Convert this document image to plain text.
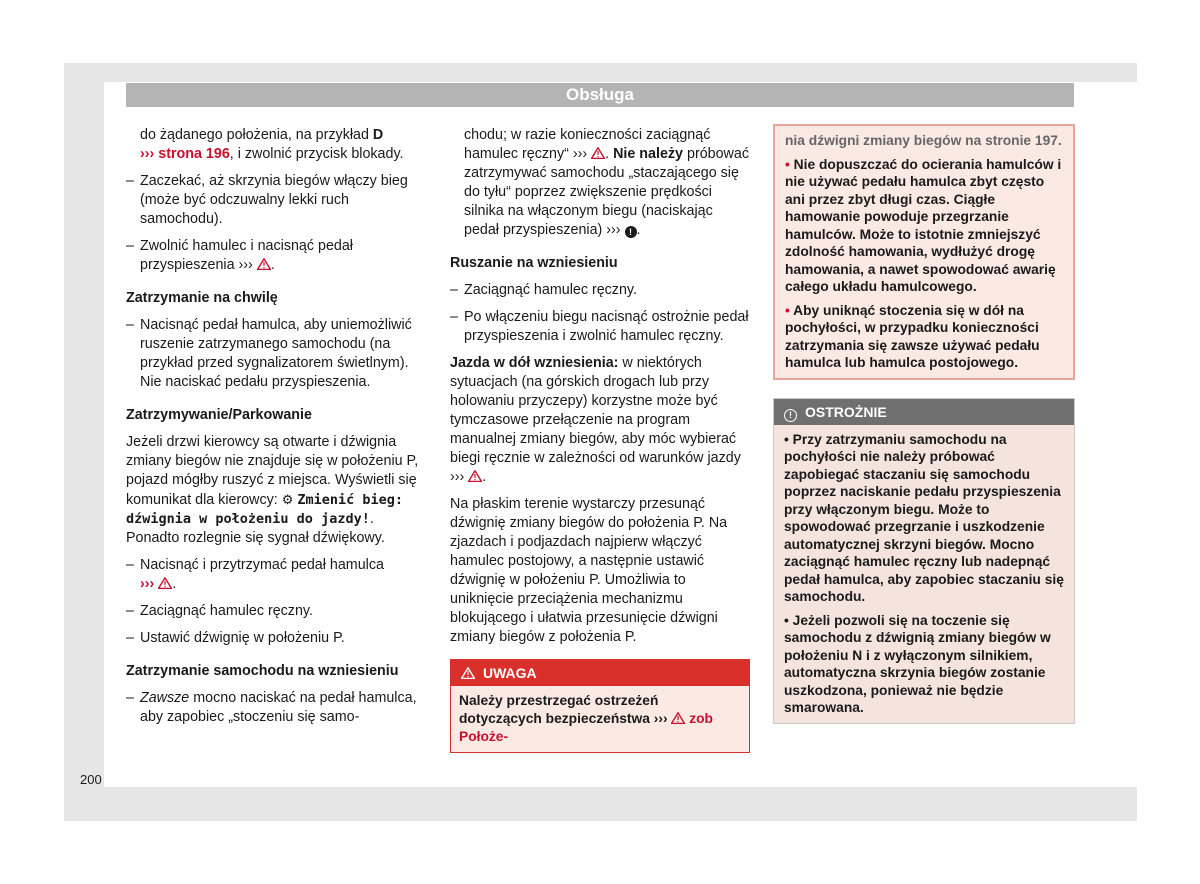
Obsługa
do żądanego położenia, na przykład D
››› strona 196, i zwolnić przycisk blokady.
– Zaczekać, aż skrzynia biegów włączy bieg (może być odczuwalny lekki ruch samochodu).
– Zwolnić hamulec i nacisnąć pedał przyspieszenia ››› .
Zatrzymanie na chwilę
– Nacisnąć pedał hamulca, aby uniemożliwić ruszenie zatrzymanego samochodu (na przykład przed sygnalizatorem świetlnym). Nie naciskać pedału przyspieszenia.
Zatrzymywanie/Parkowanie
Jeżeli drzwi kierowcy są otwarte i dźwignia zmiany biegów nie znajduje się w położeniu P, pojazd mógłby ruszyć z miejsca. Wyświetli się komunikat dla kierowcy: ⚙ Zmienić bieg: dźwignia w położeniu do jazdy!. Ponadto rozlegnie się sygnał dźwiękowy.
– Nacisnąć i przytrzymać pedał hamulca
››› .
– Zaciągnąć hamulec ręczny.
– Ustawić dźwignię w położeniu P.
Zatrzymanie samochodu na wzniesieniu
– Zawsze mocno naciskać na pedał hamulca, aby zapobiec „stoczeniu się samo-
chodu; w razie konieczności zaciągnąć hamulec ręczny“ ››› . Nie należy próbować zatrzymywać samochodu „staczającego się do tyłu“ poprzez zwiększenie prędkości silnika na włączonym biegu (naciskając pedał przyspieszenia) ››› ! .
Ruszanie na wzniesieniu
– Zaciągnąć hamulec ręczny.
– Po włączeniu biegu nacisnąć ostrożnie pedał przyspieszenia i zwolnić hamulec ręczny.
Jazda w dół wzniesienia: w niektórych sytuacjach (na górskich drogach lub przy holowaniu przyczepy) korzystne może być tymczasowe przełączenie na program manualnej zmiany biegów, aby móc wybierać biegi ręcznie w zależności od warunków jazdy ››› .
Na płaskim terenie wystarczy przesunąć dźwignię zmiany biegów do położenia P. Na zjazdach i podjazdach najpierw włączyć hamulec postojowy, a następnie ustawić dźwignię w położeniu P. Umożliwia to uniknięcie przeciążenia mechanizmu blokującego i ułatwia przesunięcie dźwigni zmiany biegów z położenia P.
UWAGA
Należy przestrzegać ostrzeżeń dotyczących bezpieczeństwa ›››
zob Położe-
nia dźwigni zmiany biegów na stronie 197.
• Nie dopuszczać do ocierania hamulców i nie używać pedału hamulca zbyt często ani przez zbyt długi czas. Ciągłe hamowanie powoduje przegrzanie hamulców. Może to istotnie zmniejszyć zdolność hamowania, wydłużyć drogę hamowania, a nawet spowodować awarię całego układu hamulcowego.
• Aby uniknąć stoczenia się w dół na pochyłości, w przypadku konieczności zatrzymania się zawsze używać pedału hamulca lub hamulca postojowego.
! OSTROŻNIE
• Przy zatrzymaniu samochodu na pochyłości nie należy próbować zapobiegać staczaniu się samochodu poprzez naciskanie pedału przyspieszenia przy włączonym biegu. Może to spowodować przegrzanie i uszkodzenie automatycznej skrzyni biegów. Mocno zaciągnąć hamulec ręczny lub nadepnąć pedał hamulca, aby zapobiec staczaniu się samochodu.
• Jeżeli pozwoli się na toczenie się samochodu z dźwignią zmiany biegów w położeniu N i z wyłączonym silnikiem, automatyczna skrzynia biegów zostanie uszkodzona, ponieważ nie będzie smarowana.
200
